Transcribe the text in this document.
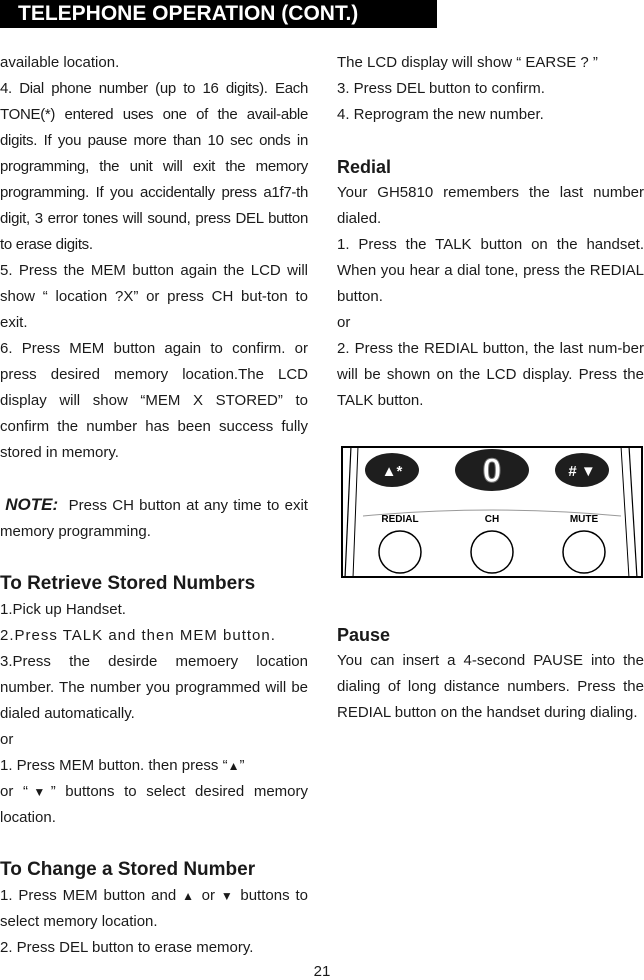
TELEPHONE OPERATION (CONT.)

available location.

4. Dial phone number (up to 16 digits). Each TONE(*) entered uses one of the avail-able digits. If you pause more than 10 sec onds in programming, the unit will exit the memory programming. If you accidentally press a1f7-th digit, 3 error tones will sound, press DEL button to erase digits.

5. Press the MEM button again the LCD will show “ location ?X” or press CH but-ton to exit.

6. Press MEM button again to confirm. or press desired memory location.The LCD display will show “MEM X STORED” to confirm the number has been success fully stored in memory.

NOTE: Press CH button at any time to exit memory programming.

To Retrieve Stored Numbers

1.Pick up Handset.

2.Press TALK and then MEM button.

3.Press the desirde memoery location number. The number you programmed will be dialed automatically.

or

1. Press MEM button. then press “▲”
or “▼” buttons to select desired memory location.

To Change a Stored Number

1. Press MEM button and ▲ or ▼ buttons to select memory location.

2. Press DEL button to erase memory.

The LCD display will show “ EARSE ? ”

3. Press DEL button to confirm.

4. Reprogram the new number.

Redial

Your GH5810 remembers the last number dialed.

1. Press the TALK button on the handset. When you hear a dial tone, press the REDIAL button.

or

2. Press the REDIAL button, the last num-ber will be shown on the LCD display. Press the TALK button.

▲* 0	# ▼
REDIAL	CH	MUTE

Pause

You can insert a 4-second PAUSE into the dialing of long distance numbers. Press the REDIAL button on the handset during dialing.

21
